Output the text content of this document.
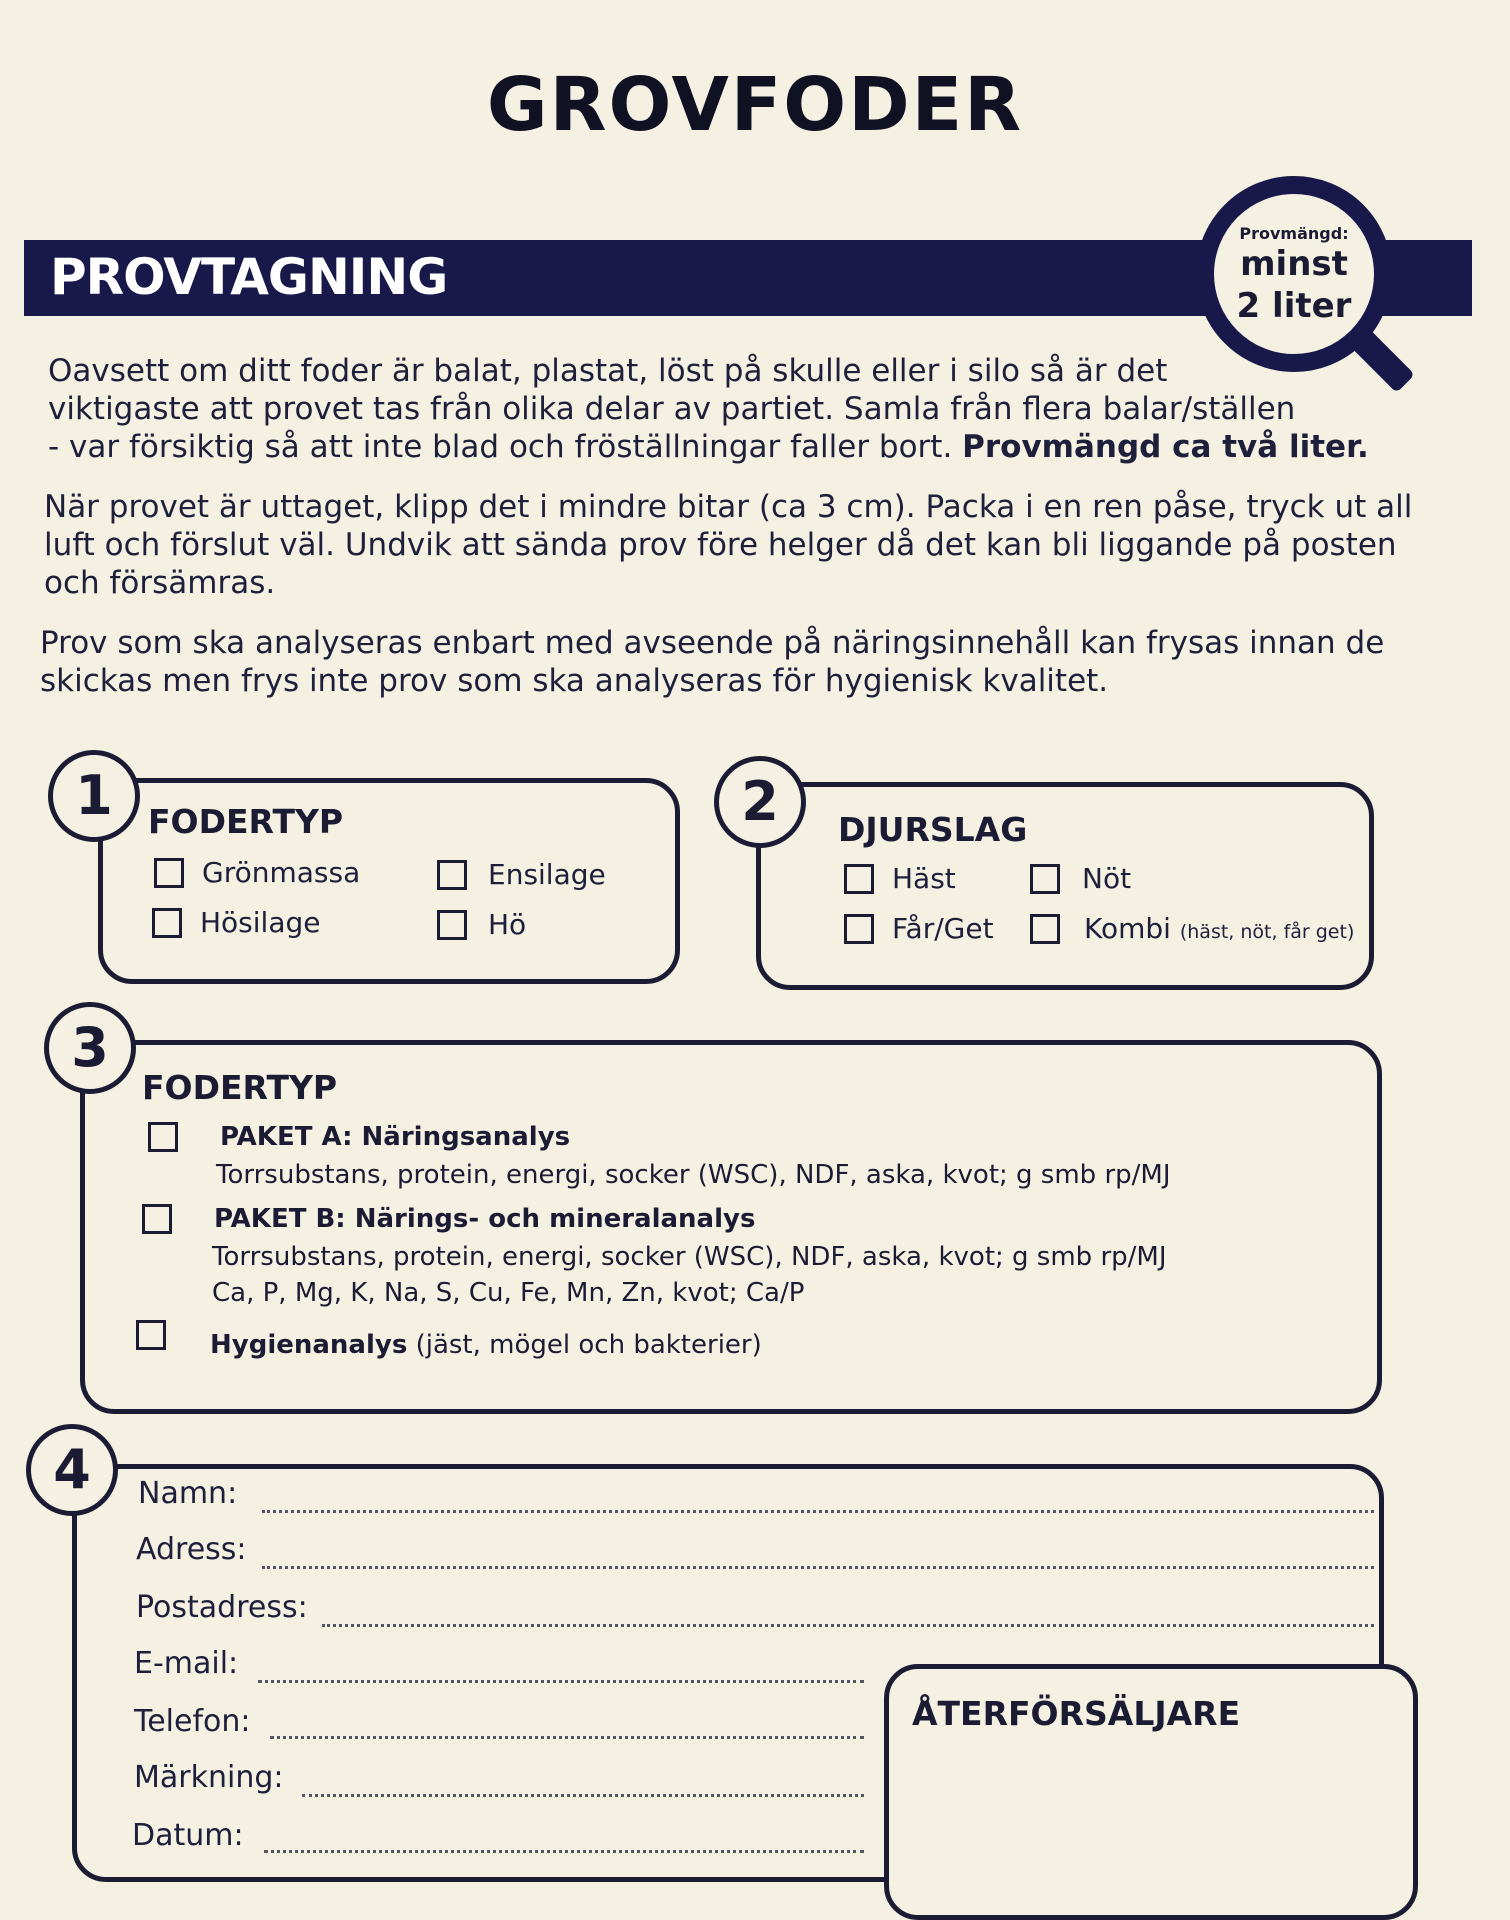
GROVFODER
PROVTAGNING
Provmängd:
minst
2 liter
Oavsett om ditt foder är balat, plastat, löst på skulle eller i silo så är det
viktigaste att provet tas från olika delar av partiet. Samla från flera balar/ställen
- var försiktig så att inte blad och fröställningar faller bort. Provmängd ca två liter.
När provet är uttaget, klipp det i mindre bitar (ca 3 cm). Packa i en ren påse, tryck ut all
luft och förslut väl. Undvik att sända prov före helger då det kan bli liggande på posten
och försämras.
Prov som ska analyseras enbart med avseende på näringsinnehåll kan frysas innan de
skickas men frys inte prov som ska analyseras för hygienisk kvalitet.
1	FODERTYP
Grönmassa	Ensilage
Hösilage	Hö
2	DJURSLAG
Häst	Nöt
Får/Get	Kombi (häst, nöt, får get)
3
FODERTYP
PAKET A: Näringsanalys
Torrsubstans, protein, energi, socker (WSC), NDF, aska, kvot; g smb rp/MJ
PAKET B: Närings- och mineralanalys
Torrsubstans, protein, energi, socker (WSC), NDF, aska, kvot; g smb rp/MJ
Ca, P, Mg, K, Na, S, Cu, Fe, Mn, Zn, kvot; Ca/P
Hygienanalys (jäst, mögel och bakterier)
4	Namn:
Adress:
Postadress:
E-mail:
Telefon:
Märkning:
Datum:
ÅTERFÖRSÄLJARE
